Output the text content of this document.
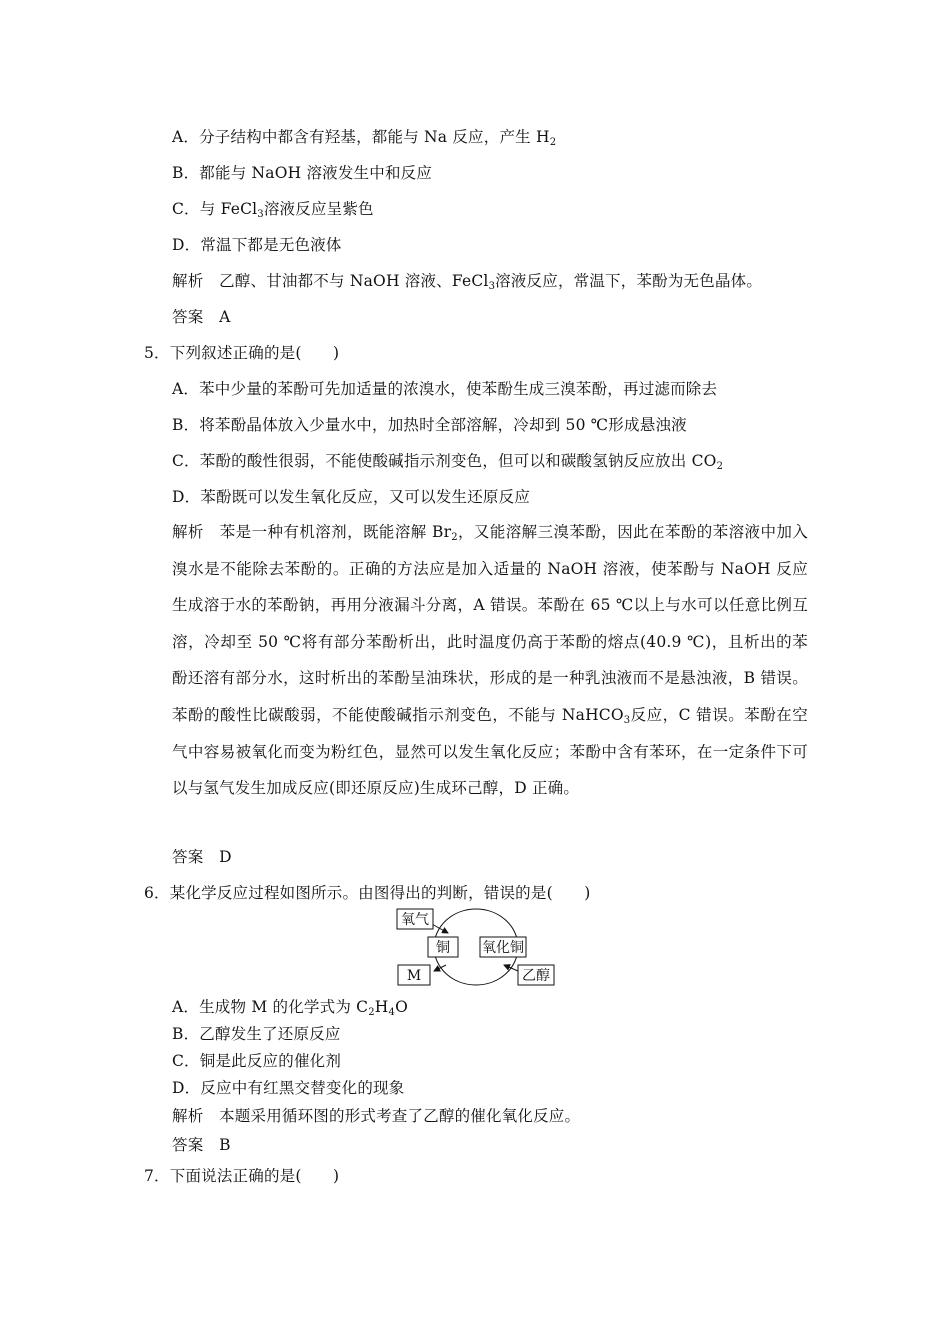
A．分子结构中都含有羟基，都能与 Na 反应，产生 $H_2$
B．都能与 NaOH 溶液发生中和反应
C．与 FeCl$_3$溶液反应呈紫色
D．常温下都是无色液体
解析　乙醇、甘油都不与 NaOH 溶液、FeCl$_3$溶液反应，常温下，苯酚为无色晶体。
答案　A
5．下列叙述正确的是(　　)
A．苯中少量的苯酚可先加适量的浓溴水，使苯酚生成三溴苯酚，再过滤而除去
B．将苯酚晶体放入少量水中，加热时全部溶解，冷却到 50 ℃形成悬浊液
C．苯酚的酸性很弱，不能使酸碱指示剂变色，但可以和碳酸氢钠反应放出 $CO_2$
D．苯酚既可以发生氧化反应，又可以发生还原反应
解析　苯是一种有机溶剂，既能溶解 $Br_2$，又能溶解三溴苯酚，因此在苯酚的苯溶液中加入溴水是不能除去苯酚的。正确的方法应是加入适量的 NaOH 溶液，使苯酚与 NaOH 反应生成溶于水的苯酚钠，再用分液漏斗分离，A 错误。苯酚在 65 ℃以上与水可以任意比例互溶，冷却至 50 ℃将有部分苯酚析出，此时温度仍高于苯酚的熔点(40.9 ℃)，且析出的苯酚还溶有部分水，这时析出的苯酚呈油珠状，形成的是一种乳浊液而不是悬浊液，B 错误。苯酚的酸性比碳酸弱，不能使酸碱指示剂变色，不能与 NaHCO$_3$反应，C 错误。苯酚在空气中容易被氧化而变为粉红色，显然可以发生氧化反应；苯酚中含有苯环，在一定条件下可以与氢气发生加成反应(即还原反应)生成环己醇，D 正确。
答案　D
6．某化学反应过程如图所示。由图得出的判断，错误的是(　　)
氧气
铜 氧化铜
M	乙醇
A．生成物 M 的化学式为 $C_2H_4O$
B．乙醇发生了还原反应
C．铜是此反应的催化剂
D．反应中有红黑交替变化的现象
解析　本题采用循环图的形式考查了乙醇的催化氧化反应。
答案　B
7．下面说法正确的是(　　)
